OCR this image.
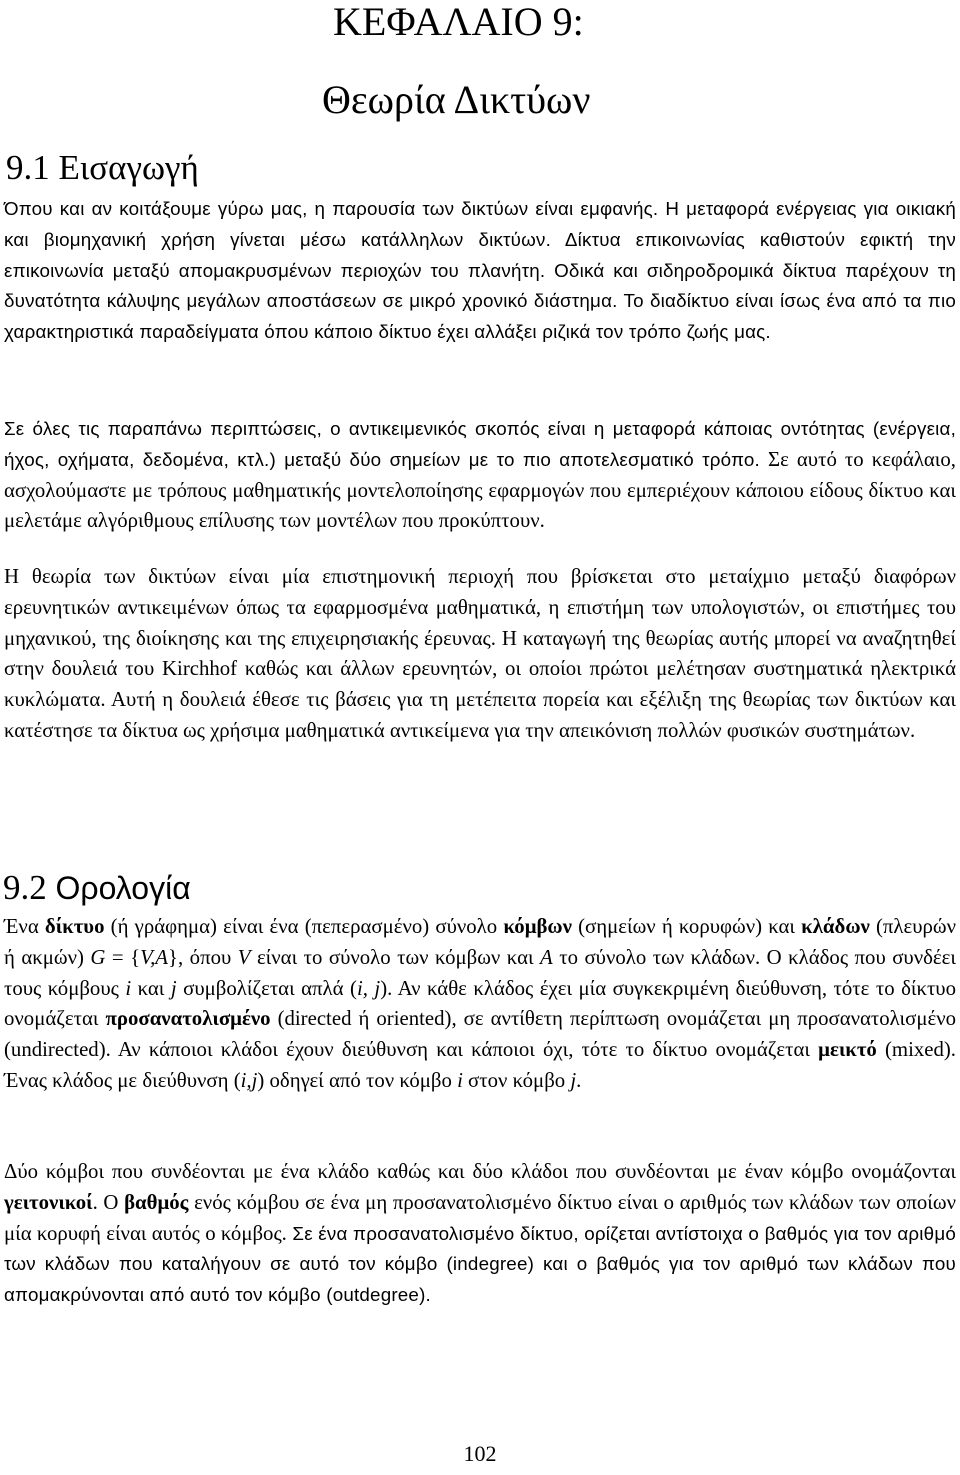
ΚΕΦΑΛΑΙΟ 9:
Θεωρία Δικτύων
9.1 Εισαγωγή

Όπου και αν κοιτάξουμε γύρω μας, η παρουσία των δικτύων είναι εμφανής. Η μεταφορά ενέργειας για οικιακή και βιομηχανική χρήση γίνεται μέσω κατάλληλων δικτύων. Δίκτυα επικοινωνίας καθιστούν εφικτή την επικοινωνία μεταξύ απομακρυσμένων περιοχών του πλανήτη. Οδικά και σιδηροδρομικά δίκτυα παρέχουν τη δυνατότητα κάλυψης μεγάλων αποστάσεων σε μικρό χρονικό διάστημα. Το διαδίκτυο είναι ίσως ένα από τα πιο χαρακτηριστικά παραδείγματα όπου κάποιο δίκτυο έχει αλλάξει ριζικά τον τρόπο ζωής μας.

Σε όλες τις παραπάνω περιπτώσεις, ο αντικειμενικός σκοπός είναι η μεταφορά κάποιας οντότητας (ενέργεια, ήχος, οχήματα, δεδομένα, κτλ.) μεταξύ δύο σημείων με το πιο αποτελεσματικό τρόπο. Σε αυτό το κεφάλαιο, ασχολούμαστε με τρόπους μαθηματικής μοντελοποίησης εφαρμογών που εμπεριέχουν κάποιου είδους δίκτυο και μελετάμε αλγόριθμους επίλυσης των μοντέλων που προκύπτουν.

Η θεωρία των δικτύων είναι μία επιστημονική περιοχή που βρίσκεται στο μεταίχμιο μεταξύ διαφόρων ερευνητικών αντικειμένων όπως τα εφαρμοσμένα μαθηματικά, η επιστήμη των υπολογιστών, οι επιστήμες του μηχανικού, της διοίκησης και της επιχειρησιακής έρευνας. Η καταγωγή της θεωρίας αυτής μπορεί να αναζητηθεί στην δουλειά του Kirchhof καθώς και άλλων ερευνητών, οι οποίοι πρώτοι μελέτησαν συστηματικά ηλεκτρικά κυκλώματα. Αυτή η δουλειά έθεσε τις βάσεις για τη μετέπειτα πορεία και εξέλιξη της θεωρίας των δικτύων και κατέστησε τα δίκτυα ως χρήσιμα μαθηματικά αντικείμενα για την απεικόνιση πολλών φυσικών συστημάτων.

9.2 Ορολογία

Ένα δίκτυο (ή γράφημα) είναι ένα (πεπερασμένο) σύνολο κόμβων (σημείων ή κορυφών) και κλάδων (πλευρών ή ακμών) G = {V,A}, όπου V είναι το σύνολο των κόμβων και A το σύνολο των κλάδων. Ο κλάδος που συνδέει τους κόμβους i και j συμβολίζεται απλά (i, j). Αν κάθε κλάδος έχει μία συγκεκριμένη διεύθυνση, τότε το δίκτυο ονομάζεται προσανατολισμένο (directed ή oriented), σε αντίθετη περίπτωση ονομάζεται μη προσανατολισμένο (undirected). Αν κάποιοι κλάδοι έχουν διεύθυνση και κάποιοι όχι, τότε το δίκτυο ονομάζεται μεικτό (mixed). Ένας κλάδος με διεύθυνση (i,j) οδηγεί από τον κόμβο i στον κόμβο j.

Δύο κόμβοι που συνδέονται με ένα κλάδο καθώς και δύο κλάδοι που συνδέονται με έναν κόμβο ονομάζονται γειτονικοί. Ο βαθμός ενός κόμβου σε ένα μη προσανατολισμένο δίκτυο είναι ο αριθμός των κλάδων των οποίων μία κορυφή είναι αυτός ο κόμβος. Σε ένα προσανατολισμένο δίκτυο, ορίζεται αντίστοιχα ο βαθμός για τον αριθμό των κλάδων που καταλήγουν σε αυτό τον κόμβο (indegree) και ο βαθμός για τον αριθμό των κλάδων που απομακρύνονται από αυτό τον κόμβο (outdegree).

102
